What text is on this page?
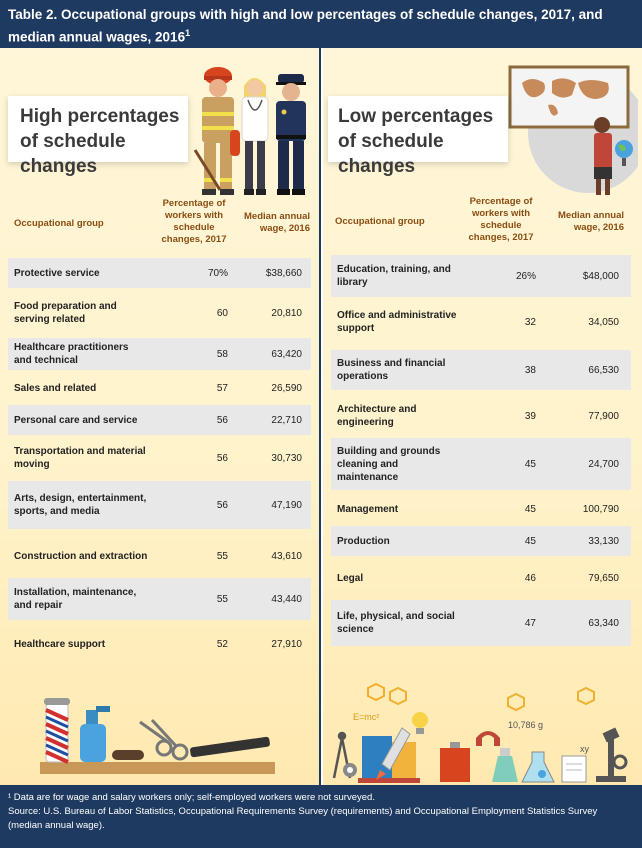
Table 2. Occupational groups with high and low percentages of schedule changes, 2017, and median annual wages, 2016$^1$
High percentages of schedule changes
Occupational group
Percentage of workers with schedule changes, 2017
Median annual wage, 2016
Protective service	70%	$38,660
Food preparation and serving related
60	20,810
Healthcare practitioners and technical
58	63,420
Sales and related	57	26,590
Personal care and service	56	22,710
Transportation and material moving
56	30,730
Arts, design, entertainment, sports, and media
56	47,190
Construction and extraction	55	43,610
Installation, maintenance, and repair
55	43,440
Healthcare support	52	27,910
Low percentages of schedule changes
Occupational group
Percentage of workers with schedule changes, 2017
Median annual wage, 2016
Education, training, and library
26%	$48,000
Office and administrative support
32	34,050
Business and financial operations
38	66,530
Architecture and engineering
39	77,900
Building and grounds cleaning and maintenance
45	24,700
Management	45	100,790
Production	45	33,130
Legal	46	79,650
Life, physical, and social science
47	63,340
E=mc²
10,786 g
xy
¹ Data are for wage and salary workers only; self-employed workers were not surveyed.
Source: U.S. Bureau of Labor Statistics, Occupational Requirements Survey (requirements) and Occupational Employment Statistics Survey (median annual wage).
